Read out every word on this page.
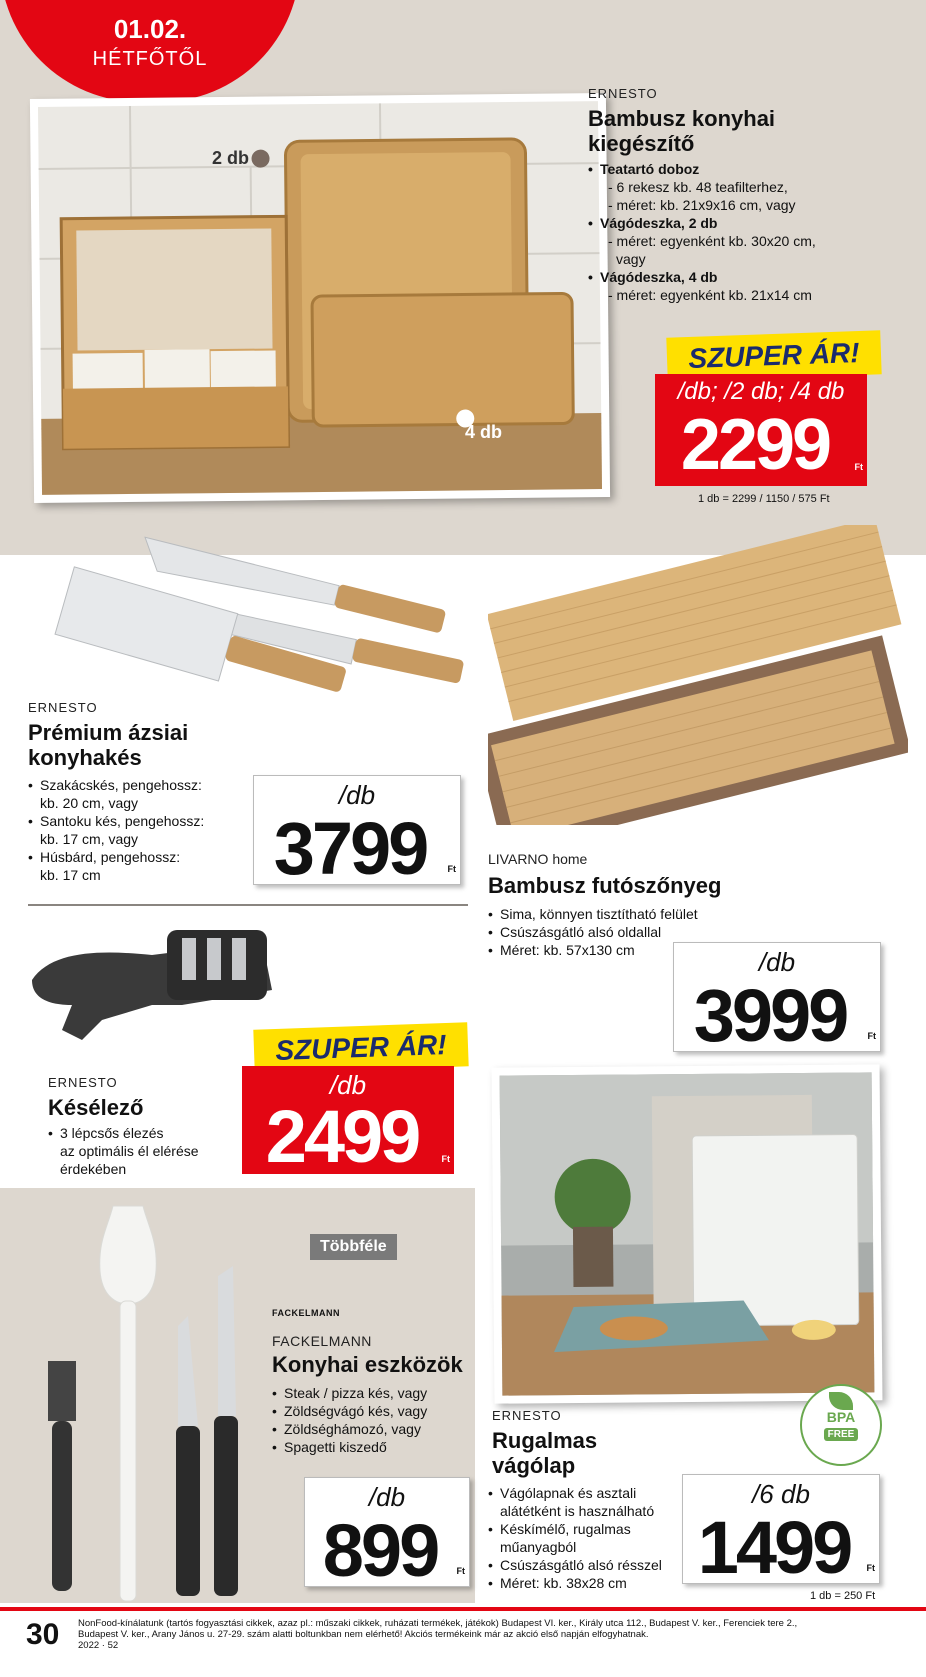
01.02.
HÉTFŐTŐL
2 db
4 db
ERNESTO
Bambusz konyhai
kiegészítő
• Teatartó doboz
- 6 rekesz kb. 48 teafilterhez,
- méret: kb. 21x9x16 cm, vagy
• Vágódeszka, 2 db
- méret: egyenként kb. 30x20 cm,
vagy
• Vágódeszka, 4 db
- méret: egyenként kb. 21x14 cm
SZUPER ÁR!
/db; /2 db; /4 db
2299	Ft
1 db = 2299 / 1150 / 575 Ft
ERNESTO
Prémium ázsiai
konyhakés
• Szakácskés, pengehossz:
kb. 20 cm, vagy
• Santoku kés, pengehossz:
kb. 17 cm, vagy
• Húsbárd, pengehossz:
kb. 17 cm
/db
3799	Ft
LIVARNO home
Bambusz futószőnyeg
• Sima, könnyen tisztítható felület
• Csúszásgátló alsó oldallal
• Méret: kb. 57x130 cm	/db
3999	Ft
ERNESTO
Késélező
• 3 lépcsős élezés
az optimális él elérése
érdekében
SZUPER ÁR!
/db
2499	Ft
Többféle
FACKELMANN
FACKELMANN
Konyhai eszközök
• Steak / pizza kés, vagy
• Zöldségvágó kés, vagy
• Zöldséghámozó, vagy
• Spagetti kiszedő
/db
899	Ft
BPA
FREE
ERNESTO
Rugalmas
vágólap
• Vágólapnak és asztali
alátétként is használható
• Késkímélő, rugalmas
műanyagból
• Csúszásgátló alsó résszel
• Méret: kb. 38x28 cm
/6 db
1499	Ft
1 db = 250 Ft
30 NonFood-kínálatunk (tartós fogyasztási cikkek, azaz pl.: műszaki cikkek, ruházati termékek, játékok) Budapest VI. ker., Király utca 112., Budapest V. ker., Ferenciek tere 2.,
Budapest V. ker., Arany János u. 27-29. szám alatti boltunkban nem elérhető! Akciós termékeink már az akció első napján elfogyhatnak.
2022 · 52
